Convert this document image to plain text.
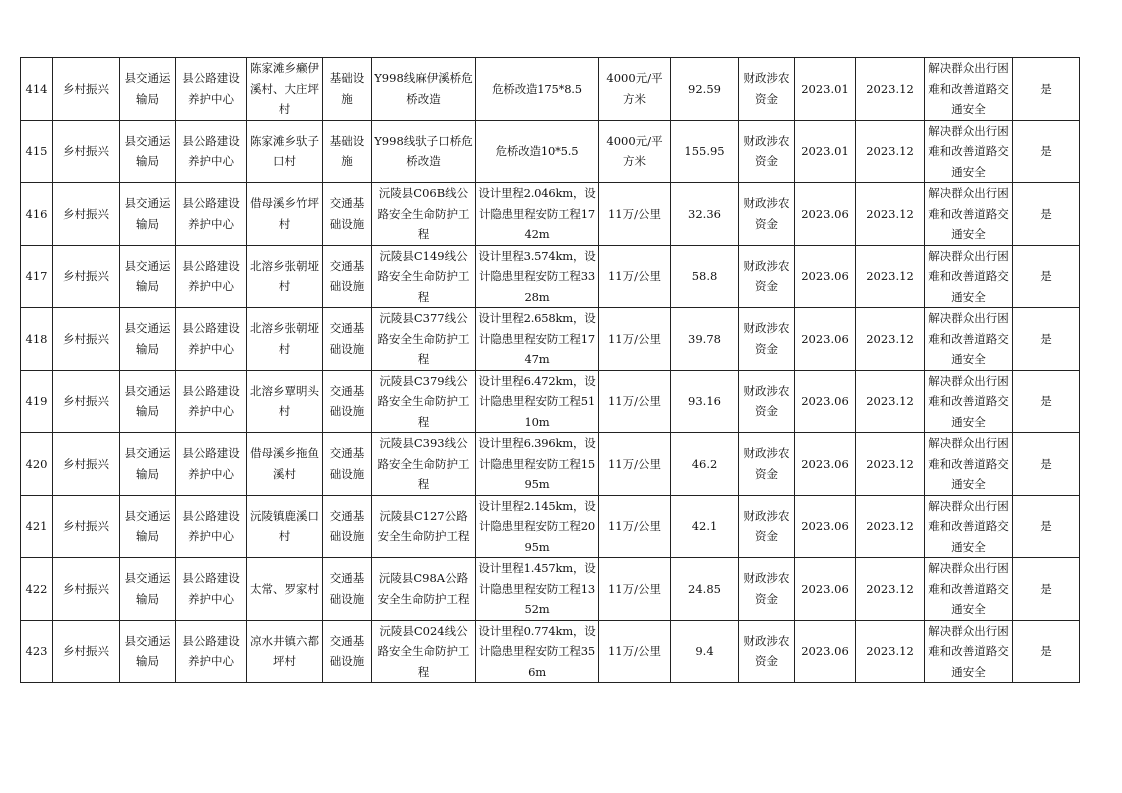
414	乡村振兴	县交通运输局	县公路建设养护中心	陈家滩乡癞伊溪村、大庄坪村	基础设施	Y998线麻伊溪桥危桥改造	危桥改造175*8.5	4000元/平方米	92.59	财政涉农资金	2023.01	2023.12	解决群众出行困难和改善道路交通安全	是
415	乡村振兴	县交通运输局	县公路建设养护中心	陈家滩乡驮子口村	基础设施	Y998线驮子口桥危桥改造	危桥改造10*5.5	4000元/平方米	155.95	财政涉农资金	2023.01	2023.12	解决群众出行困难和改善道路交通安全	是
416	乡村振兴	县交通运输局	县公路建设养护中心	借母溪乡竹坪村	交通基础设施	沅陵县C06B线公路安全生命防护工程	设计里程2.046km，设计隐患里程安防工程1742m	11万/公里	32.36	财政涉农资金	2023.06	2023.12	解决群众出行困难和改善道路交通安全	是
417	乡村振兴	县交通运输局	县公路建设养护中心	北溶乡张朝垭村	交通基础设施	沅陵县C149线公路安全生命防护工程	设计里程3.574km，设计隐患里程安防工程3328m	11万/公里	58.8	财政涉农资金	2023.06	2023.12	解决群众出行困难和改善道路交通安全	是
418	乡村振兴	县交通运输局	县公路建设养护中心	北溶乡张朝垭村	交通基础设施	沅陵县C377线公路安全生命防护工程	设计里程2.658km，设计隐患里程安防工程1747m	11万/公里	39.78	财政涉农资金	2023.06	2023.12	解决群众出行困难和改善道路交通安全	是
419	乡村振兴	县交通运输局	县公路建设养护中心	北溶乡覃明头村	交通基础设施	沅陵县C379线公路安全生命防护工程	设计里程6.472km，设计隐患里程安防工程5110m	11万/公里	93.16	财政涉农资金	2023.06	2023.12	解决群众出行困难和改善道路交通安全	是
420	乡村振兴	县交通运输局	县公路建设养护中心	借母溪乡拖鱼溪村	交通基础设施	沅陵县C393线公路安全生命防护工程	设计里程6.396km，设计隐患里程安防工程1595m	11万/公里	46.2	财政涉农资金	2023.06	2023.12	解决群众出行困难和改善道路交通安全	是
421	乡村振兴	县交通运输局	县公路建设养护中心	沅陵镇鹿溪口村	交通基础设施	沅陵县C127公路安全生命防护工程	设计里程2.145km，设计隐患里程安防工程2095m	11万/公里	42.1	财政涉农资金	2023.06	2023.12	解决群众出行困难和改善道路交通安全	是
422	乡村振兴	县交通运输局	县公路建设养护中心	太常、罗家村	交通基础设施	沅陵县C98A公路安全生命防护工程	设计里程1.457km，设计隐患里程安防工程1352m	11万/公里	24.85	财政涉农资金	2023.06	2023.12	解决群众出行困难和改善道路交通安全	是
423	乡村振兴	县交通运输局	县公路建设养护中心	凉水井镇六都坪村	交通基础设施	沅陵县C024线公路安全生命防护工程	设计里程0.774km，设计隐患里程安防工程356m	11万/公里	9.4	财政涉农资金	2023.06	2023.12	解决群众出行困难和改善道路交通安全	是
